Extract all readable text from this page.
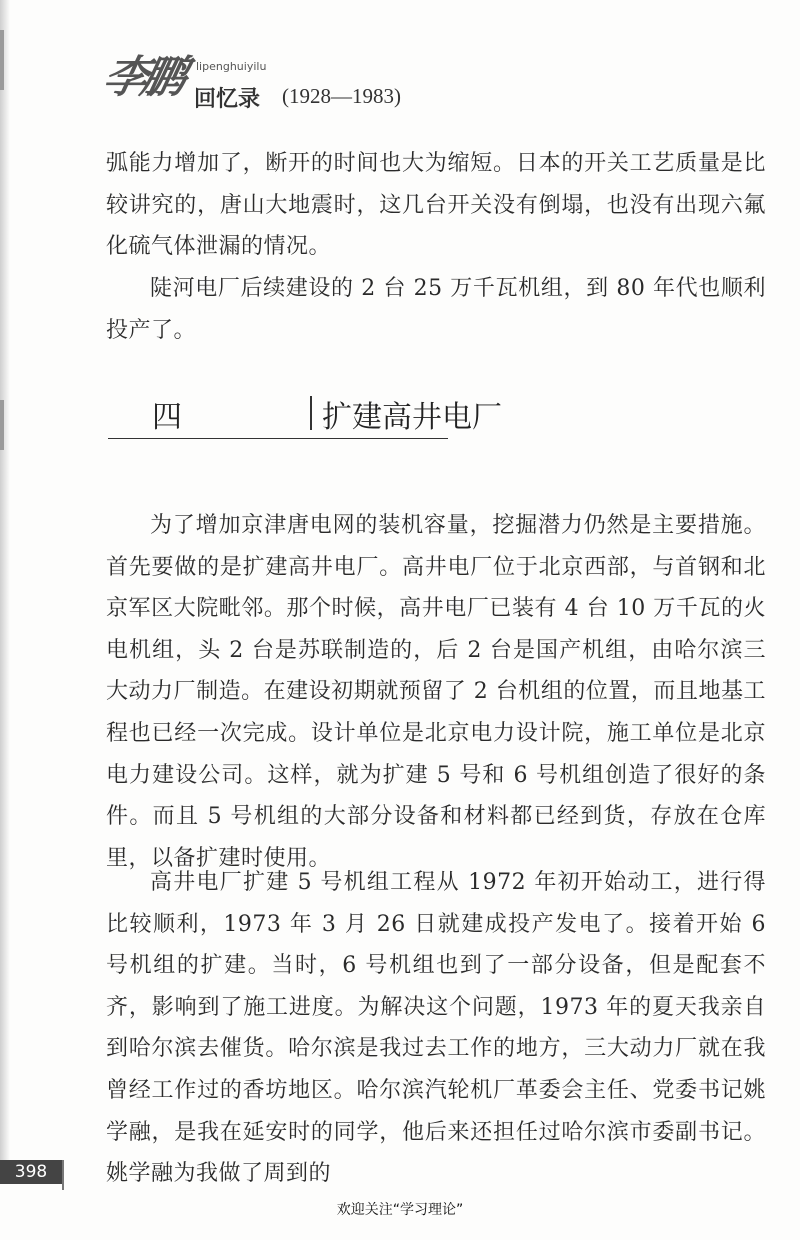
李鹏 lipenghuiyilu
回忆录 (1928—1983)

弧能力增加了，断开的时间也大为缩短。日本的开关工艺质量是比较讲究的，唐山大地震时，这几台开关没有倒塌，也没有出现六氟化硫气体泄漏的情况。

陡河电厂后续建设的 2 台 25 万千瓦机组，到 80 年代也顺利投产了。

四	扩建高井电厂

为了增加京津唐电网的装机容量，挖掘潜力仍然是主要措施。首先要做的是扩建高井电厂。高井电厂位于北京西部，与首钢和北京军区大院毗邻。那个时候，高井电厂已装有 4 台 10 万千瓦的火电机组，头 2 台是苏联制造的，后 2 台是国产机组，由哈尔滨三大动力厂制造。在建设初期就预留了 2 台机组的位置，而且地基工程也已经一次完成。设计单位是北京电力设计院，施工单位是北京电力建设公司。这样，就为扩建 5 号和 6 号机组创造了很好的条件。而且 5 号机组的大部分设备和材料都已经到货，存放在仓库里，以备扩建时使用。

高井电厂扩建 5 号机组工程从 1972 年初开始动工，进行得比较顺利，1973 年 3 月 26 日就建成投产发电了。接着开始 6 号机组的扩建。当时，6 号机组也到了一部分设备，但是配套不齐，影响到了施工进度。为解决这个问题，1973 年的夏天我亲自到哈尔滨去催货。哈尔滨是我过去工作的地方，三大动力厂就在我曾经工作过的香坊地区。哈尔滨汽轮机厂革委会主任、党委书记姚学融，是我在延安时的同学，他后来还担任过哈尔滨市委副书记。姚学融为我做了周到的

398
欢迎关注“学习理论”
